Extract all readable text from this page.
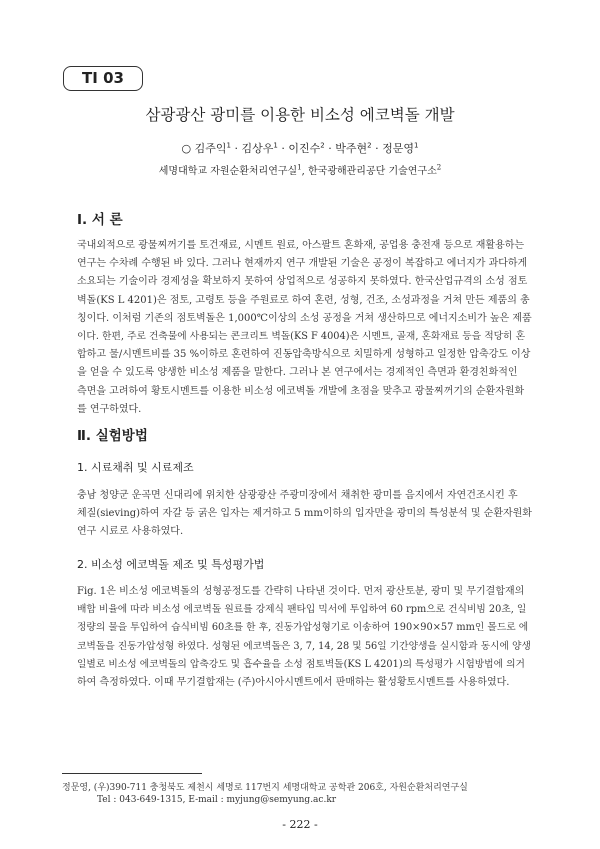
TI 03
삼광광산 광미를 이용한 비소성 에코벽돌 개발
○ 김주익$^1$ · 김상우$^1$ · 이진수$^2$ · 박주현$^2$ · 정문영$^1$
세명대학교 자원순환처리연구실$^1$, 한국광해관리공단 기술연구소$^2$
Ⅰ. 서 론
국내외적으로 광물찌꺼기를 토건재료, 시멘트 원료, 아스팔트 혼화재, 공업용 충전재 등으로 재활용하는
연구는 수차례 수행된 바 있다. 그러나 현재까지 연구 개발된 기술은 공정이 복잡하고 에너지가 과다하게
소요되는 기술이라 경제성을 확보하지 못하여 상업적으로 성공하지 못하였다. 한국산업규격의 소성 점토
벽돌(KS L 4201)은 점토, 고령토 등을 주원료로 하여 혼련, 성형, 건조, 소성과정을 거쳐 만든 제품의 총
칭이다. 이처럼 기존의 점토벽돌은 1,000℃이상의 소성 공정을 거쳐 생산하므로 에너지소비가 높은 제품
이다. 한편, 주로 건축물에 사용되는 콘크리트 벽돌(KS F 4004)은 시멘트, 골재, 혼화재료 등을 적당히 혼
합하고 물/시멘트비를 35 %이하로 혼련하여 진동압축방식으로 치밀하게 성형하고 일정한 압축강도 이상
을 얻을 수 있도록 양생한 비소성 제품을 말한다. 그러나 본 연구에서는 경제적인 측면과 환경친화적인
측면을 고려하여 황토시멘트를 이용한 비소성 에코벽돌 개발에 초점을 맞추고 광물찌꺼기의 순환자원화
를 연구하였다.
Ⅱ. 실험방법
1. 시료채취 및 시료제조
충남 청양군 운곡면 신대리에 위치한 삼광광산 주광미장에서 채취한 광미를 음지에서 자연건조시킨 후
체질(sieving)하여 자갈 등 굵은 입자는 제거하고 5 mm이하의 입자만을 광미의 특성분석 및 순환자원화
연구 시료로 사용하였다.
2. 비소성 에코벽돌 제조 및 특성평가법
Fig. 1은 비소성 에코벽돌의 성형공정도를 간략히 나타낸 것이다. 먼저 광산토분, 광미 및 무기결합재의
배합 비율에 따라 비소성 에코벽돌 원료를 강제식 팬타입 믹서에 투입하여 60 rpm으로 건식비빔 20초, 일
정량의 물을 투입하여 습식비빔 60초를 한 후, 진동가압성형기로 이송하여 190×90×57 mm인 몰드로 에
코벽돌을 진동가압성형 하였다. 성형된 에코벽돌은 3, 7, 14, 28 및 56일 기간양생을 실시함과 동시에 양생
일별로 비소성 에코벽돌의 압축강도 및 흡수율을 소성 점토벽돌(KS L 4201)의 특성평가 시험방법에 의거
하여 측정하였다. 이때 무기결합재는 (주)아시아시멘트에서 판매하는 활성황토시멘트를 사용하였다.
정문영, (우)390-711 충청북도 제천시 세명로 117번지 세명대학교 공학관 206호, 자원순환처리연구실
Tel : 043-649-1315, E-mail : myjung@semyung.ac.kr
- 222 -
